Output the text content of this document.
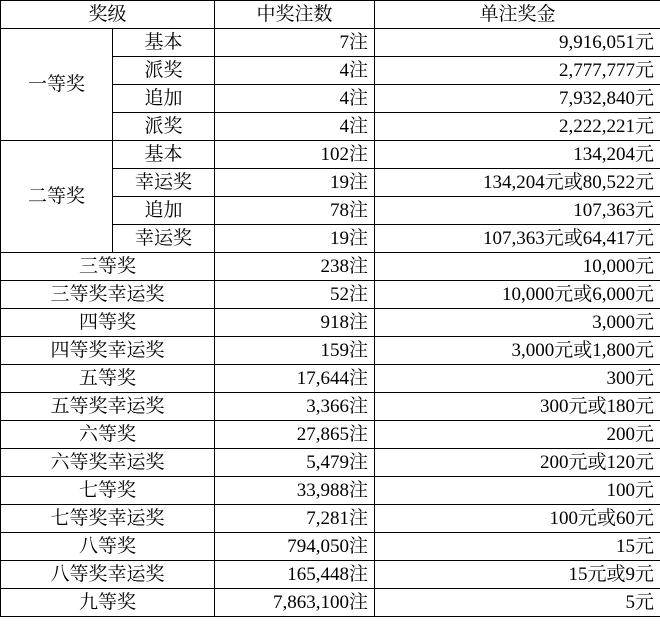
奖级		中奖注数	单注奖金
一等奖	基本	7注	9,916,051元
	派奖	4注	2,777,777元
	追加	4注	7,932,840元
	派奖	4注	2,222,221元
二等奖	基本	102注	134,204元
	幸运奖	19注	134,204元或80,522元
	追加	78注	107,363元
	幸运奖	19注	107,363元或64,417元
三等奖		238注	10,000元
三等奖幸运奖		52注	10,000元或6,000元
四等奖		918注	3,000元
四等奖幸运奖		159注	3,000元或1,800元
五等奖		17,644注	300元
五等奖幸运奖		3,366注	300元或180元
六等奖		27,865注	200元
六等奖幸运奖		5,479注	200元或120元
七等奖		33,988注	100元
七等奖幸运奖		7,281注	100元或60元
八等奖		794,050注	15元
八等奖幸运奖		165,448注	15元或9元
九等奖		7,863,100注	5元
